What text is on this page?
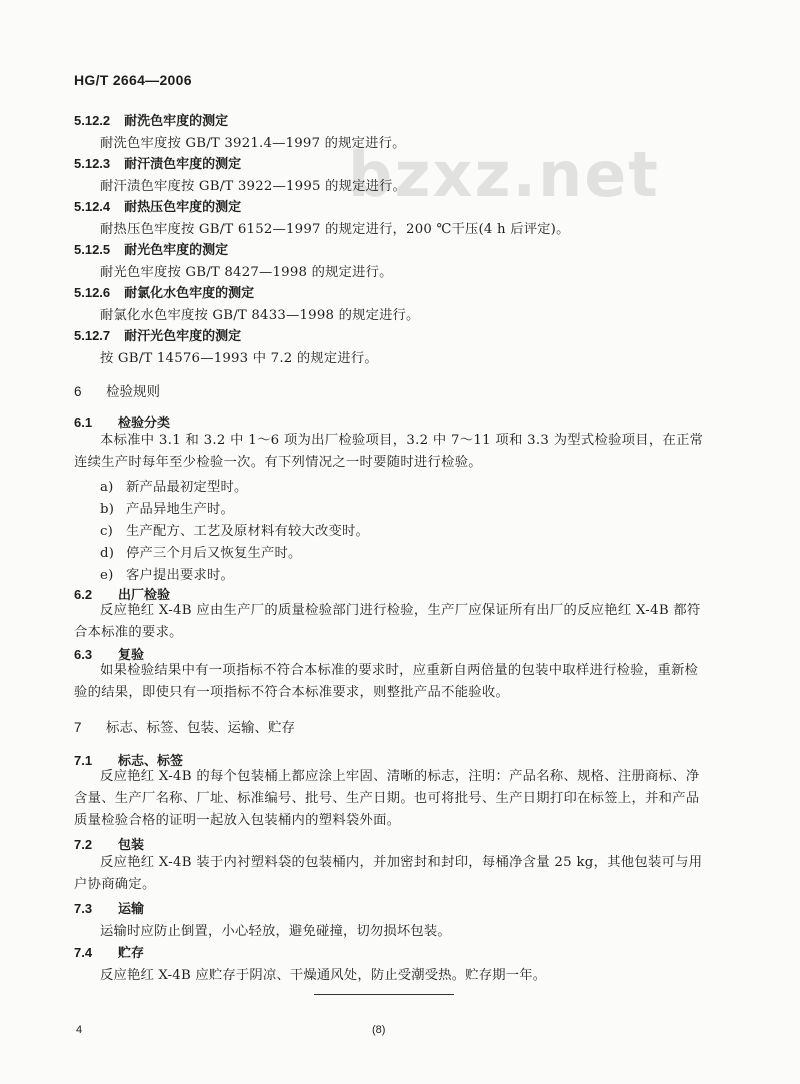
HG/T 2664—2006
bzxz.net
5.12.2 耐洗色牢度的测定
耐洗色牢度按 GB/T 3921.4—1997 的规定进行。
5.12.3 耐汗渍色牢度的测定
耐汗渍色牢度按 GB/T 3922—1995 的规定进行。
5.12.4 耐热压色牢度的测定
耐热压色牢度按 GB/T 6152—1997 的规定进行，200 ℃干压(4 h 后评定)。
5.12.5 耐光色牢度的测定
耐光色牢度按 GB/T 8427—1998 的规定进行。
5.12.6 耐氯化水色牢度的测定
耐氯化水色牢度按 GB/T 8433—1998 的规定进行。
5.12.7 耐汗光色牢度的测定
按 GB/T 14576—1993 中 7.2 的规定进行。
6 检验规则
6.1 检验分类
本标准中 3.1 和 3.2 中 1～6 项为出厂检验项目，3.2 中 7～11 项和 3.3 为型式检验项目，在正常连续生产时每年至少检验一次。有下列情况之一时要随时进行检验。
a) 新产品最初定型时。
b) 产品异地生产时。
c) 生产配方、工艺及原材料有较大改变时。
d) 停产三个月后又恢复生产时。
e) 客户提出要求时。
6.2 出厂检验
反应艳红 X-4B 应由生产厂的质量检验部门进行检验，生产厂应保证所有出厂的反应艳红 X-4B 都符合本标准的要求。
6.3 复验
如果检验结果中有一项指标不符合本标准的要求时，应重新自两倍量的包装中取样进行检验，重新检验的结果，即使只有一项指标不符合本标准要求，则整批产品不能验收。
7 标志、标签、包装、运输、贮存
7.1 标志、标签
反应艳红 X-4B 的每个包装桶上都应涂上牢固、清晰的标志，注明：产品名称、规格、注册商标、净含量、生产厂名称、厂址、标准编号、批号、生产日期。也可将批号、生产日期打印在标签上，并和产品质量检验合格的证明一起放入包装桶内的塑料袋外面。
7.2 包装
反应艳红 X-4B 装于内衬塑料袋的包装桶内，并加密封和封印，每桶净含量 25 kg，其他包装可与用户协商确定。
7.3 运输
运输时应防止倒置，小心轻放，避免碰撞，切勿损坏包装。
7.4 贮存
反应艳红 X-4B 应贮存于阴凉、干燥通风处，防止受潮受热。贮存期一年。
4	(8)
